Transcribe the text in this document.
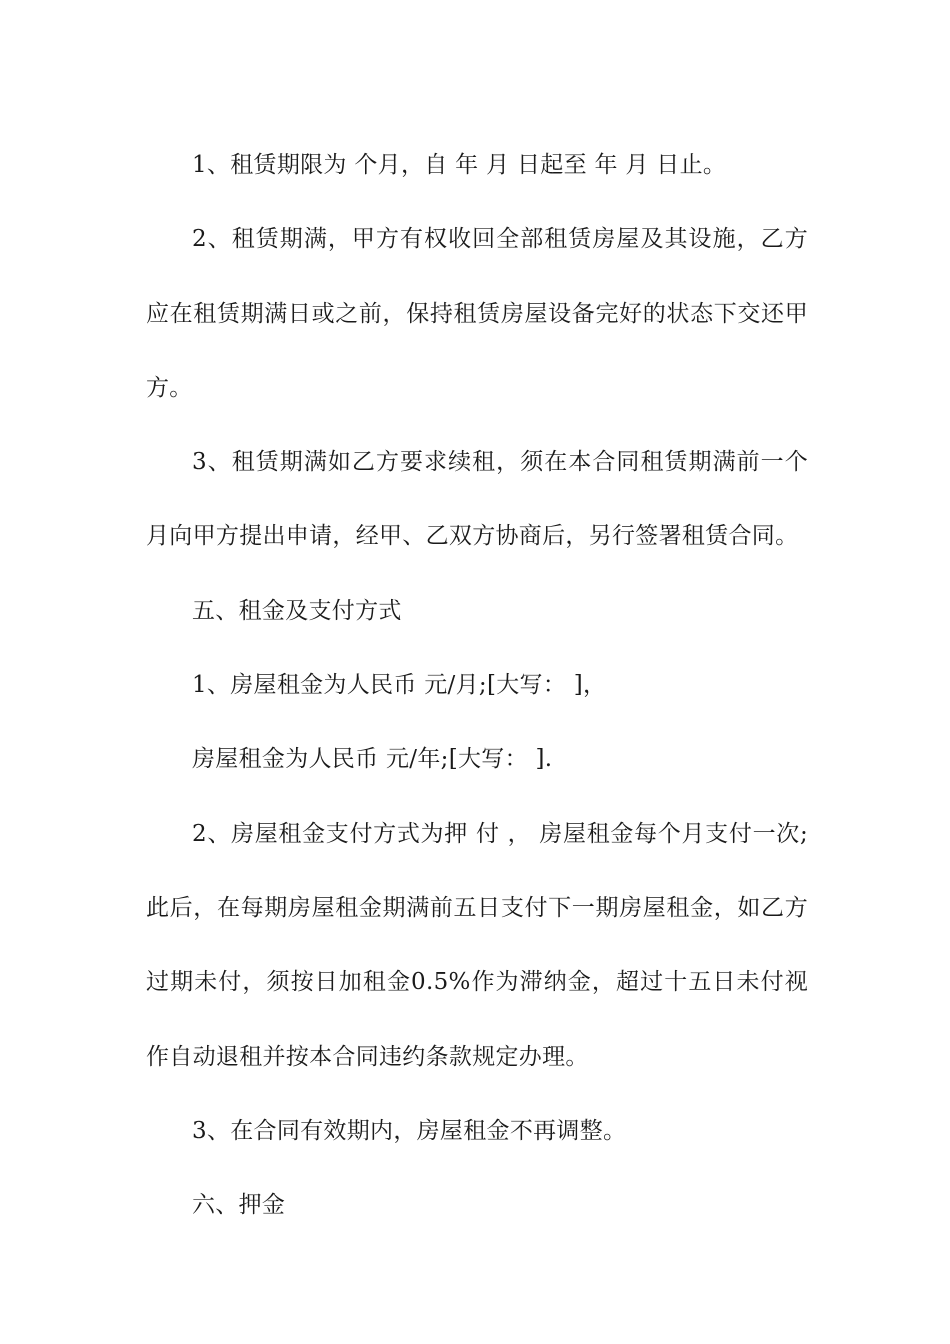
1、租赁期限为 个月，自 年 月 日起至 年 月 日止。

2、租赁期满，甲方有权收回全部租赁房屋及其设施，乙方应在租赁期满日或之前，保持租赁房屋设备完好的状态下交还甲方。

3、租赁期满如乙方要求续租，须在本合同租赁期满前一个月向甲方提出申请，经甲、乙双方协商后，另行签署租赁合同。

五、租金及支付方式

1、房屋租金为人民币 元/月;[大写： ]，

房屋租金为人民币 元/年;[大写： ].

2、房屋租金支付方式为押 付 ， 房屋租金每个月支付一次;此后，在每期房屋租金期满前五日支付下一期房屋租金，如乙方过期未付，须按日加租金0.5%作为滞纳金，超过十五日未付视作自动退租并按本合同违约条款规定办理。

3、在合同有效期内，房屋租金不再调整。

六、押金
